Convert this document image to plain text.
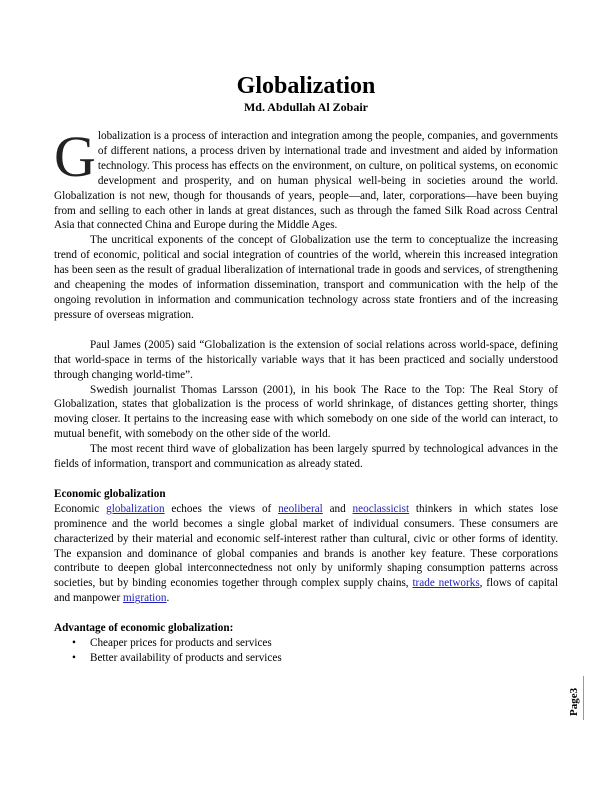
Globalization

Md. Abdullah Al Zobair

Globalization is a process of interaction and integration among the people, companies, and governments of different nations, a process driven by international trade and investment and aided by information technology. This process has effects on the environment, on culture, on political systems, on economic development and prosperity, and on human physical well-being in societies around the world. Globalization is not new, though for thousands of years, people—and, later, corporations—have been buying from and selling to each other in lands at great distances, such as through the famed Silk Road across Central Asia that connected China and Europe during the Middle Ages.

The uncritical exponents of the concept of Globalization use the term to conceptualize the increasing trend of economic, political and social integration of countries of the world, wherein this increased integration has been seen as the result of gradual liberalization of international trade in goods and services, of strengthening and cheapening the modes of information dissemination, transport and communication with the help of the ongoing revolution in information and communication technology across state frontiers and of the increasing pressure of overseas migration.

Paul James (2005) said “Globalization is the extension of social relations across world-space, defining that world-space in terms of the historically variable ways that it has been practiced and socially understood through changing world-time”.

Swedish journalist Thomas Larsson (2001), in his book The Race to the Top: The Real Story of Globalization, states that globalization is the process of world shrinkage, of distances getting shorter, things moving closer. It pertains to the increasing ease with which somebody on one side of the world can interact, to mutual benefit, with somebody on the other side of the world.

The most recent third wave of globalization has been largely spurred by technological advances in the fields of information, transport and communication as already stated.

Economic globalization

Economic globalization echoes the views of neoliberal and neoclassicist thinkers in which states lose prominence and the world becomes a single global market of individual consumers. These consumers are characterized by their material and economic self-interest rather than cultural, civic or other forms of identity. The expansion and dominance of global companies and brands is another key feature. These corporations contribute to deepen global interconnectedness not only by uniformly shaping consumption patterns across societies, but by binding economies together through complex supply chains, trade networks, flows of capital and manpower migration.

Advantage of economic globalization:

• Cheaper prices for products and services
• Better availability of products and services
Page3
